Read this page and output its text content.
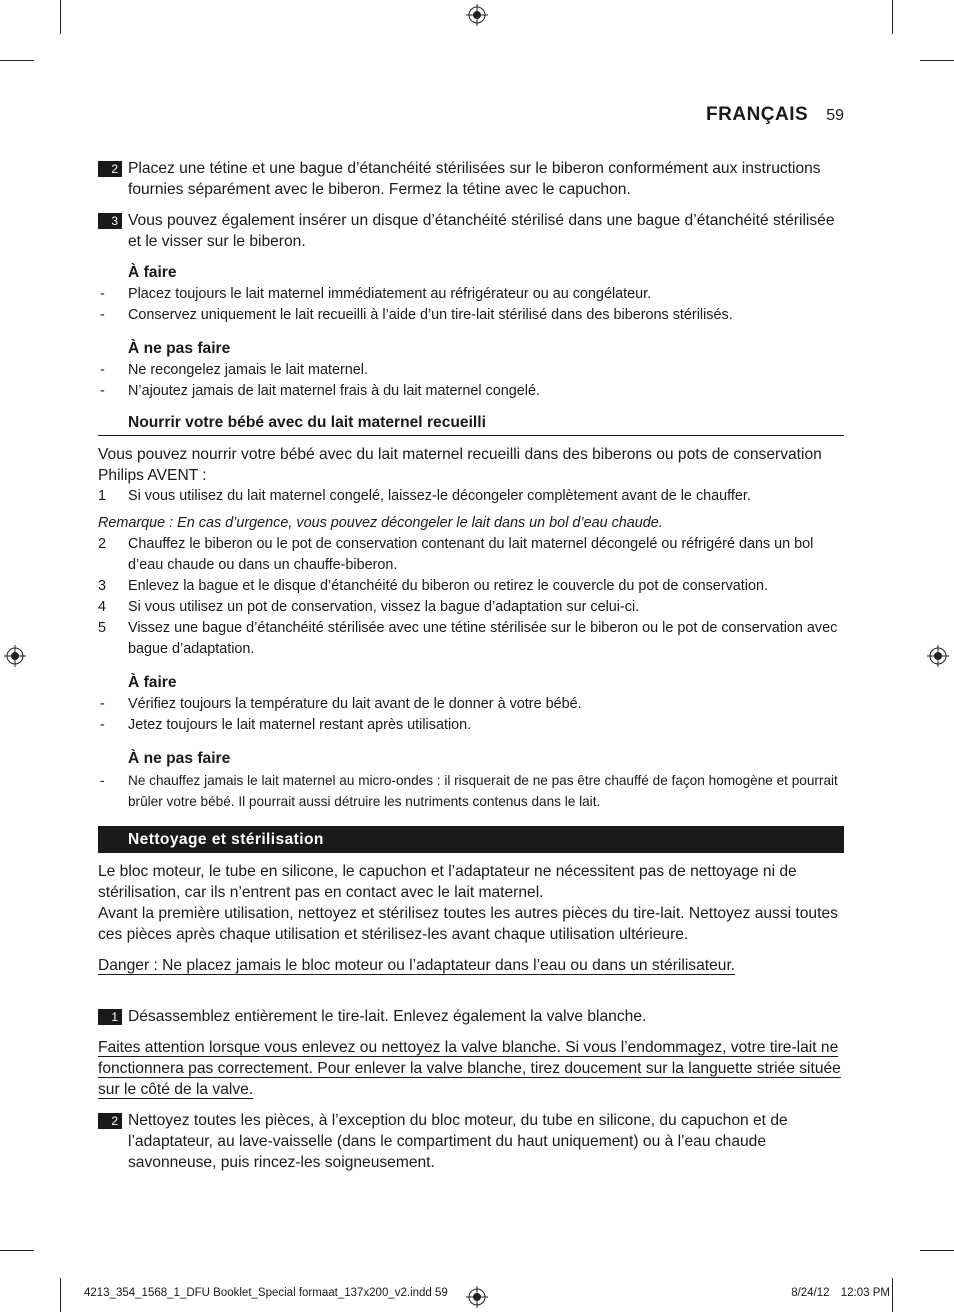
FRANÇAIS 59
2 Placez une tétine et une bague d’étanchéité stérilisées sur le biberon conformément aux instructions fournies séparément avec le biberon. Fermez la tétine avec le capuchon.
3 Vous pouvez également insérer un disque d’étanchéité stérilisé dans une bague d’étanchéité stérilisée et le visser sur le biberon.
À faire
- Placez toujours le lait maternel immédiatement au réfrigérateur ou au congélateur.
- Conservez uniquement le lait recueilli à l’aide d’un tire-lait stérilisé dans des biberons stérilisés.
À ne pas faire
- Ne recongelez jamais le lait maternel.
- N’ajoutez jamais de lait maternel frais à du lait maternel congelé.
Nourrir votre bébé avec du lait maternel recueilli
Vous pouvez nourrir votre bébé avec du lait maternel recueilli dans des biberons ou pots de conservation Philips AVENT :
1 Si vous utilisez du lait maternel congelé, laissez-le décongeler complètement avant de le chauffer.
Remarque : En cas d’urgence, vous pouvez décongeler le lait dans un bol d’eau chaude.
2 Chauffez le biberon ou le pot de conservation contenant du lait maternel décongelé ou réfrigéré dans un bol d’eau chaude ou dans un chauffe-biberon.
3 Enlevez la bague et le disque d’étanchéité du biberon ou retirez le couvercle du pot de conservation.
4 Si vous utilisez un pot de conservation, vissez la bague d’adaptation sur celui-ci.
5 Vissez une bague d’étanchéité stérilisée avec une tétine stérilisée sur le biberon ou le pot de conservation avec bague d’adaptation.
À faire
- Vérifiez toujours la température du lait avant de le donner à votre bébé.
- Jetez toujours le lait maternel restant après utilisation.
À ne pas faire
- Ne chauffez jamais le lait maternel au micro-ondes : il risquerait de ne pas être chauffé de façon homogène et pourrait brûler votre bébé. Il pourrait aussi détruire les nutriments contenus dans le lait.
Nettoyage et stérilisation
Le bloc moteur, le tube en silicone, le capuchon et l’adaptateur ne nécessitent pas de nettoyage ni de stérilisation, car ils n’entrent pas en contact avec le lait maternel.
Avant la première utilisation, nettoyez et stérilisez toutes les autres pièces du tire-lait. Nettoyez aussi toutes ces pièces après chaque utilisation et stérilisez-les avant chaque utilisation ultérieure.
Danger : Ne placez jamais le bloc moteur ou l’adaptateur dans l’eau ou dans un stérilisateur.
1 Désassemblez entièrement le tire-lait. Enlevez également la valve blanche.
Faites attention lorsque vous enlevez ou nettoyez la valve blanche. Si vous l’endommagez, votre tire-lait ne fonctionnera pas correctement. Pour enlever la valve blanche, tirez doucement sur la languette striée située sur le côté de la valve.
2 Nettoyez toutes les pièces, à l’exception du bloc moteur, du tube en silicone, du capuchon et de l’adaptateur, au lave-vaisselle (dans le compartiment du haut uniquement) ou à l’eau chaude savonneuse, puis rincez-les soigneusement.
4213_354_1568_1_DFU Booklet_Special formaat_137x200_v2.indd 59	8/24/12 12:03 PM
